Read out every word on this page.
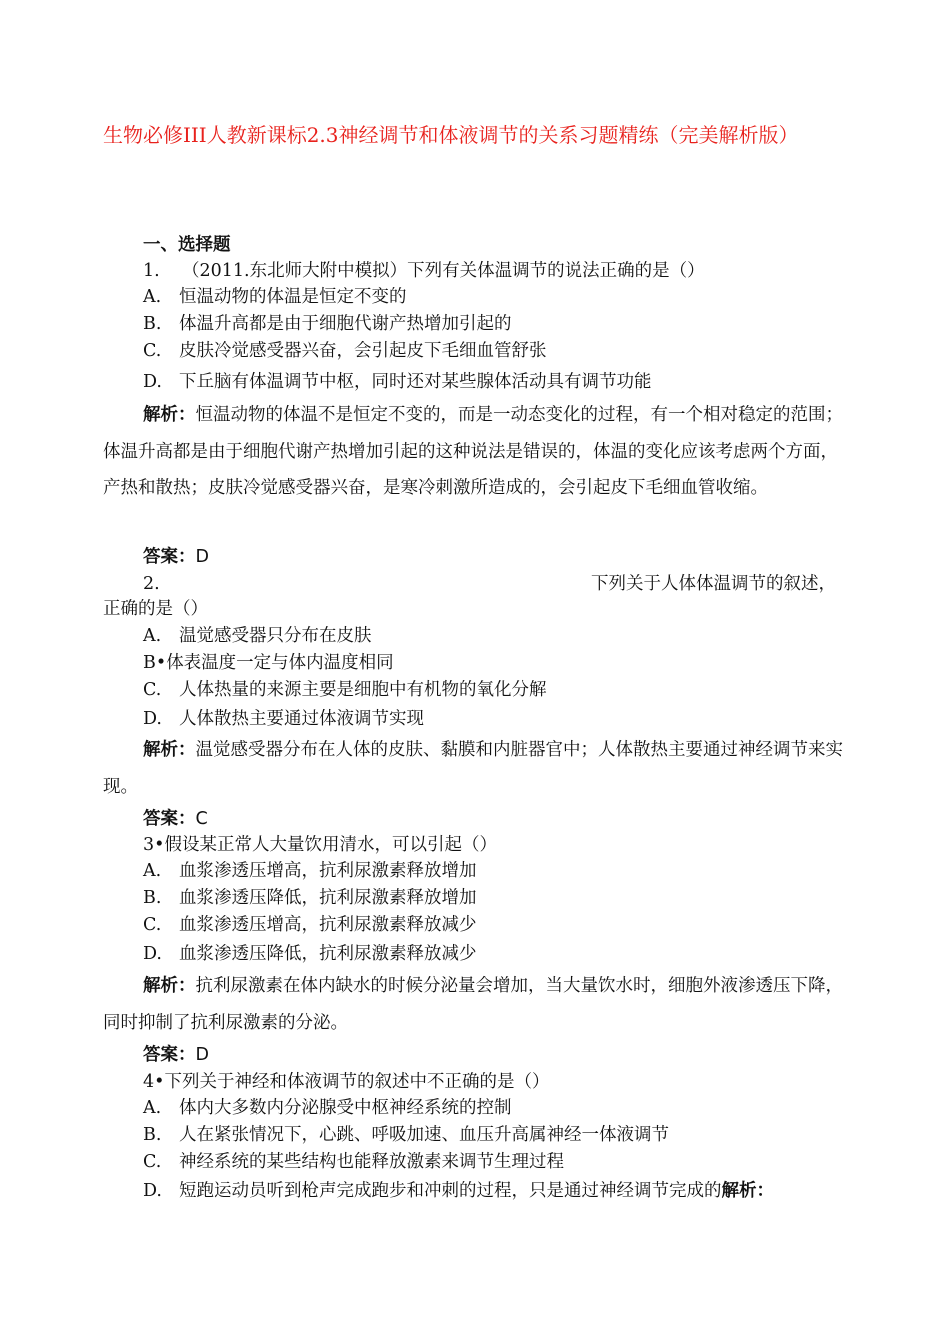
生物必修III人教新课标2.3神经调节和体液调节的关系习题精练（完美解析版）
一、选择题
1. （2011.东北师大附中模拟）下列有关体温调节的说法正确的是（）
A. 恒温动物的体温是恒定不变的
B. 体温升高都是由于细胞代谢产热增加引起的
C. 皮肤冷觉感受器兴奋，会引起皮下毛细血管舒张
D. 下丘脑有体温调节中枢，同时还对某些腺体活动具有调节功能

解析：恒温动物的体温不是恒定不变的，而是一动态变化的过程，有一个相对稳定的范围；体温升高都是由于细胞代谢产热增加引起的这种说法是错误的，体温的变化应该考虑两个方面，产热和散热；皮肤冷觉感受器兴奋，是寒冷刺激所造成的，会引起皮下毛细血管收缩。

答案：D
2.	下列关于人体体温调节的叙述，
正确的是（）
A. 温觉感受器只分布在皮肤
B•体表温度一定与体内温度相同
C. 人体热量的来源主要是细胞中有机物的氧化分解
D. 人体散热主要通过体液调节实现

解析：温觉感受器分布在人体的皮肤、黏膜和内脏器官中；人体散热主要通过神经调节来实现。

答案：C
3•假设某正常人大量饮用清水，可以引起（）
A. 血浆渗透压增高，抗利尿激素释放增加
B. 血浆渗透压降低，抗利尿激素释放增加
C. 血浆渗透压增高，抗利尿激素释放减少
D. 血浆渗透压降低，抗利尿激素释放减少

解析：抗利尿激素在体内缺水的时候分泌量会增加，当大量饮水时，细胞外液渗透压下降，同时抑制了抗利尿激素的分泌。

答案：D
4•下列关于神经和体液调节的叙述中不正确的是（）
A. 体内大多数内分泌腺受中枢神经系统的控制
B. 人在紧张情况下，心跳、呼吸加速、血压升高属神经一体液调节
C. 神经系统的某些结构也能释放激素来调节生理过程
D. 短跑运动员听到枪声完成跑步和冲刺的过程，只是通过神经调节完成的解析：
